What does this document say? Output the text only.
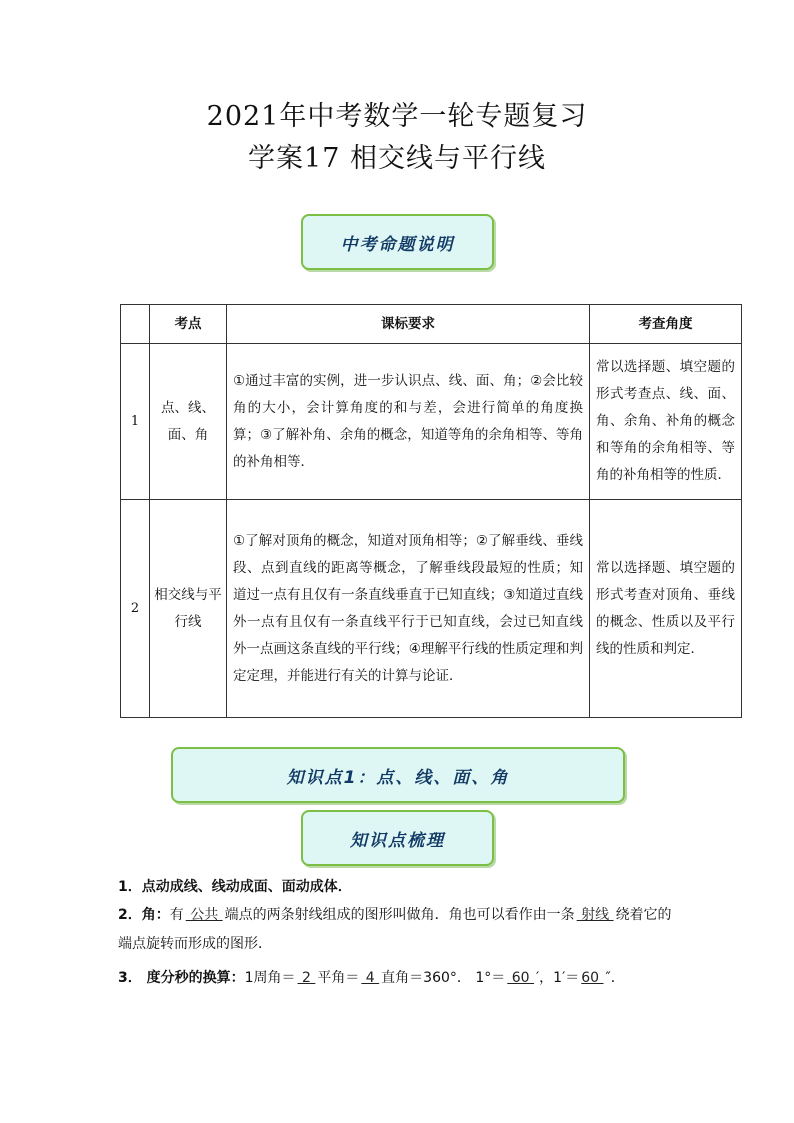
2021年中考数学一轮专题复习
学案17 相交线与平行线
中考命题说明
	考点	课标要求	考查角度
1	点、线、面、角	①通过丰富的实例，进一步认识点、线、面、角；②会比较角的大小，会计算角度的和与差，会进行简单的角度换算；③了解补角、余角的概念，知道等角的余角相等、等角的补角相等．	常以选择题、填空题的形式考查点、线、面、角、余角、补角的概念和等角的余角相等、等角的补角相等的性质．
2	相交线与平行线	①了解对顶角的概念，知道对顶角相等；②了解垂线、垂线段、点到直线的距离等概念，了解垂线段最短的性质；知道过一点有且仅有一条直线垂直于已知直线；③知道过直线外一点有且仅有一条直线平行于已知直线，会过已知直线外一点画这条直线的平行线；④理解平行线的性质定理和判定定理，并能进行有关的计算与论证．	常以选择题、填空题的形式考查对顶角、垂线的概念、性质以及平行线的性质和判定．
知识点1：点、线、面、角
知识点梳理
1．点动成线、线动成面、面动成体．
2．角：有 公共 端点的两条射线组成的图形叫做角．角也可以看作由一条 射线 绕着它的端点旋转而形成的图形．
3． 度分秒的换算：1周角＝ 2 平角＝ 4 直角＝360°． 1°＝ 60 ′，1′＝ 60 ″．
